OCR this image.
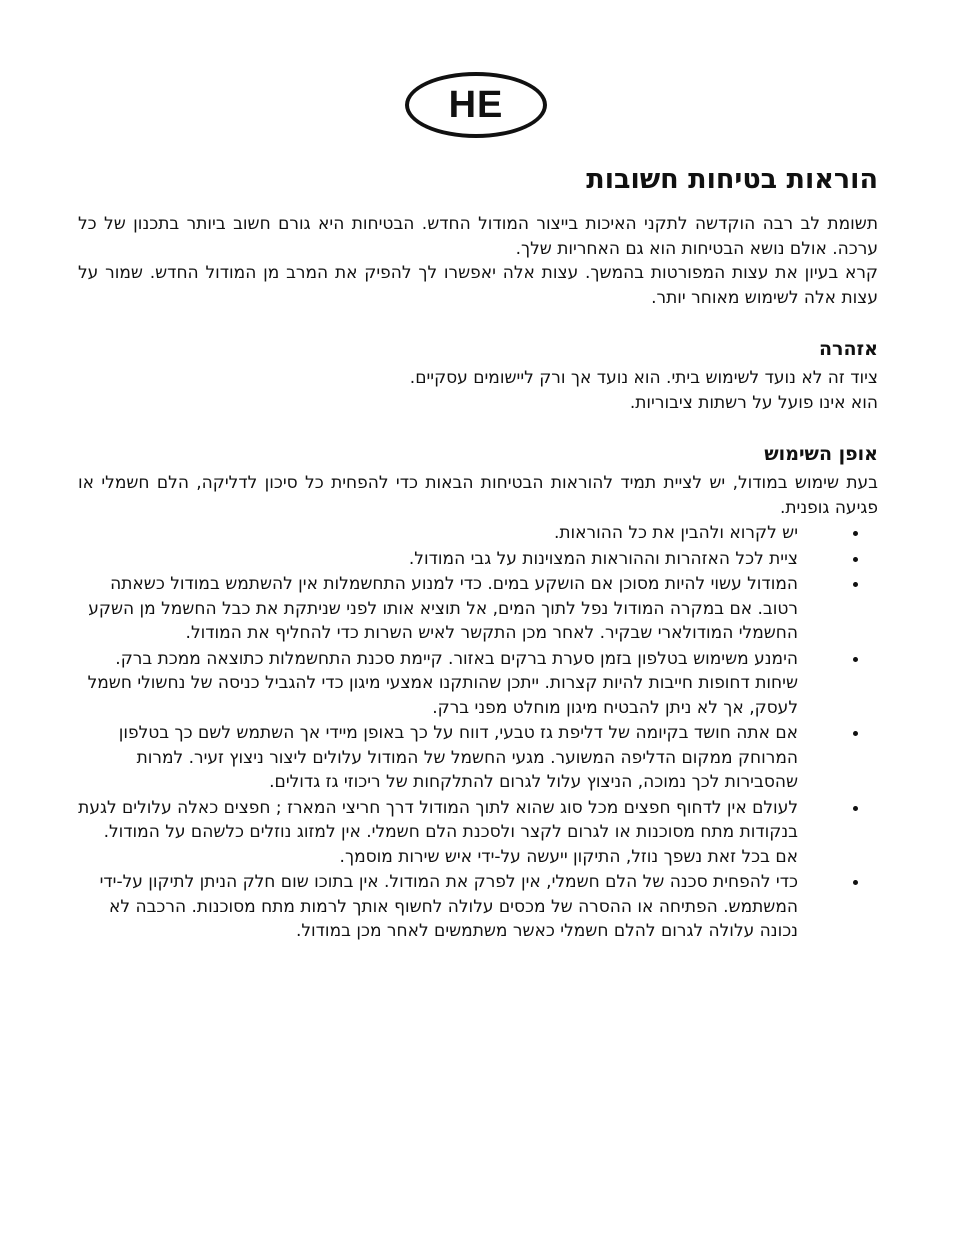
HE
הוראות בטיחות חשובות

תשומת לב רבה הוקדשה לתקני האיכות בייצור המודול החדש. הבטיחות היא גורם חשוב ביותר בתכנון של כל ערכה. אולם נושא הבטיחות הוא גם האחריות שלך.

קרא בעיון את עצות המפורטות בהמשך. עצות אלה יאפשרו לך להפיק את המרב מן המודול החדש. שמור על עצות אלה לשימוש מאוחר יותר.

אזהרה

ציוד זה לא נועד לשימוש ביתי. הוא נועד אך ורק ליישומים עסקיים.

הוא אינו פועל על רשתות ציבוריות.

אופן השימוש

בעת שימוש במודול, יש לציית תמיד להוראות הבטיחות הבאות כדי להפחית כל סיכון לדליקה, הלם חשמלי או פגיעה גופנית.

יש לקרוא ולהבין את כל ההוראות.
ציית לכל האזהרות וההוראות המצוינות על גבי המודול.
המודול עשוי להיות מסוכן אם הושקע במים. כדי למנוע התחשמלות אין להשתמש במודול כשאתה רטוב. אם במקרה המודול נפל לתוך המים, אל תוציא אותו לפני שניתקת את כבל החשמל מן השקע החשמלי המודולארי שבקיר. לאחר מכן התקשר לאיש השרות כדי להחליף את המודול.
הימנע משימוש בטלפון בזמן סערת ברקים באזור. קיימת סכנת התחשמלות כתוצאה ממכת ברק. שיחות דחופות חייבות להיות קצרות. ייתכן שהותקנו אמצעי מיגון כדי להגביל כניסה של נחשולי חשמל לעסק, אך לא ניתן להבטיח מיגון מוחלט מפני ברק.
אם אתה חושד בקיומה של דליפת גז טבעי, דווח על כך באופן מיידי אך השתמש לשם כך בטלפון המרוחק ממקום הדליפה המשוער. מגעי החשמל של המודול עלולים ליצור ניצוץ זעיר. למרות שהסבירות לכך נמוכה, הניצוץ עלול לגרום להתלקחות של ריכוזי גז גדולים.
לעולם אין לדחוף חפצים מכל סוג שהוא לתוך המודול דרך חריצי המארז ; חפצים כאלה עלולים לגעת בנקודות מתח מסוכנות או לגרום לקצר ולסכנת הלם חשמלי. אין למזוג נוזלים כלשהם על המודול. אם בכל זאת נשפך נוזל, התיקון ייעשה על-ידי איש שירות מוסמך.
כדי להפחית סכנה של הלם חשמלי, אין לפרק את המודול. אין בתוכו שום חלק הניתן לתיקון על-ידי המשתמש. הפתיחה או ההסרה של מכסים עלולה לחשוף אותך לרמות מתח מסוכנות. הרכבה לא נכונה עלולה לגרום להלם חשמלי כאשר משתמשים לאחר מכן במודול.
